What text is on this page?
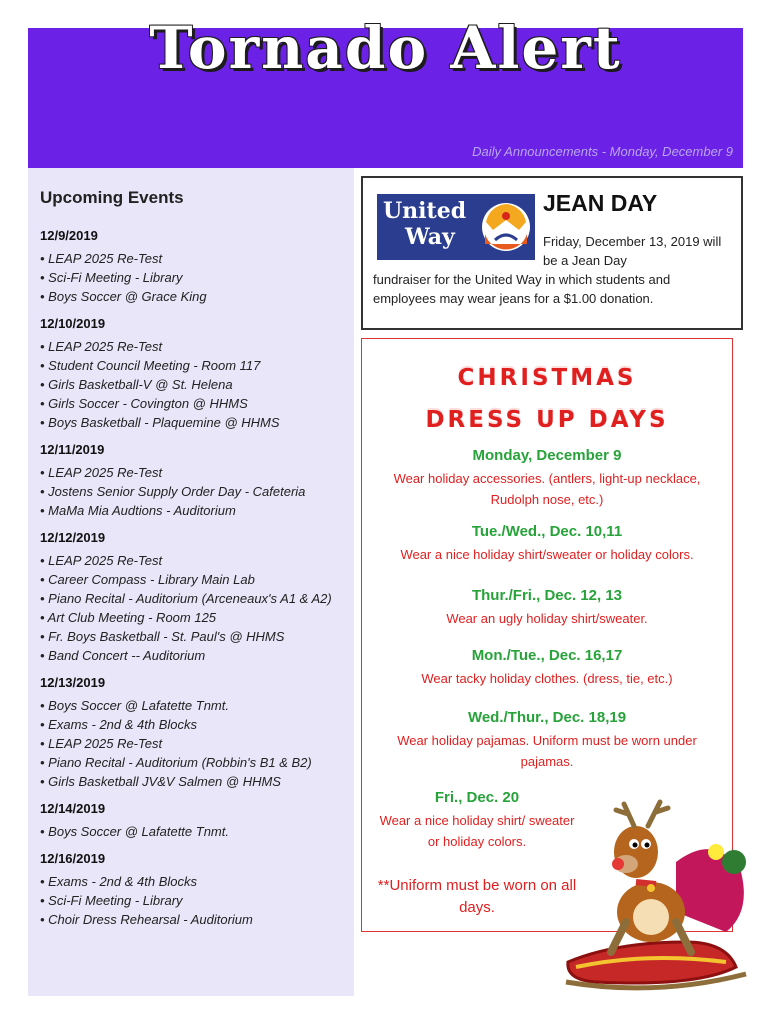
Tornado Alert
Daily Announcements - Monday, December 9
Upcoming Events
12/9/2019
• LEAP 2025 Re-Test
• Sci-Fi Meeting - Library
• Boys Soccer @ Grace King
12/10/2019
• LEAP 2025 Re-Test
• Student Council Meeting - Room 117
• Girls Basketball-V @ St. Helena
• Girls Soccer - Covington @ HHMS
• Boys Basketball - Plaquemine @ HHMS
12/11/2019
• LEAP 2025 Re-Test
• Jostens Senior Supply Order Day - Cafeteria
• MaMa Mia Audtions - Auditorium
12/12/2019
• LEAP 2025 Re-Test
• Career Compass - Library Main Lab
• Piano Recital - Auditorium (Arceneaux's A1 & A2)
• Art Club Meeting - Room 125
• Fr. Boys Basketball - St. Paul's @ HHMS
• Band Concert -- Auditorium
12/13/2019
• Boys Soccer @ Lafatette Tnmt.
• Exams - 2nd & 4th Blocks
• LEAP 2025 Re-Test
• Piano Recital - Auditorium (Robbin's B1 & B2)
• Girls Basketball JV&V Salmen @ HHMS
12/14/2019
• Boys Soccer @ Lafatette Tnmt.
12/16/2019
• Exams - 2nd & 4th Blocks
• Sci-Fi Meeting - Library
• Choir Dress Rehearsal - Auditorium
United
Way
JEAN DAY
Friday, December 13, 2019 will be a Jean Day
fundraiser for the United Way in which students and employees may wear jeans for a $1.00 donation.
CHRISTMAS
DRESS UP DAYS
Monday, December 9
Wear holiday accessories. (antlers, light-up necklace, Rudolph nose, etc.)
Tue./Wed., Dec. 10,11
Wear a nice holiday shirt/sweater or holiday colors.
Thur./Fri., Dec. 12, 13
Wear an ugly holiday shirt/sweater.
Mon./Tue., Dec. 16,17
Wear tacky holiday clothes. (dress, tie, etc.)
Wed./Thur., Dec. 18,19
Wear holiday pajamas. Uniform must be worn under pajamas.
Fri., Dec. 20
Wear a nice holiday shirt/ sweater or holiday colors.
**Uniform must be worn on all days.
